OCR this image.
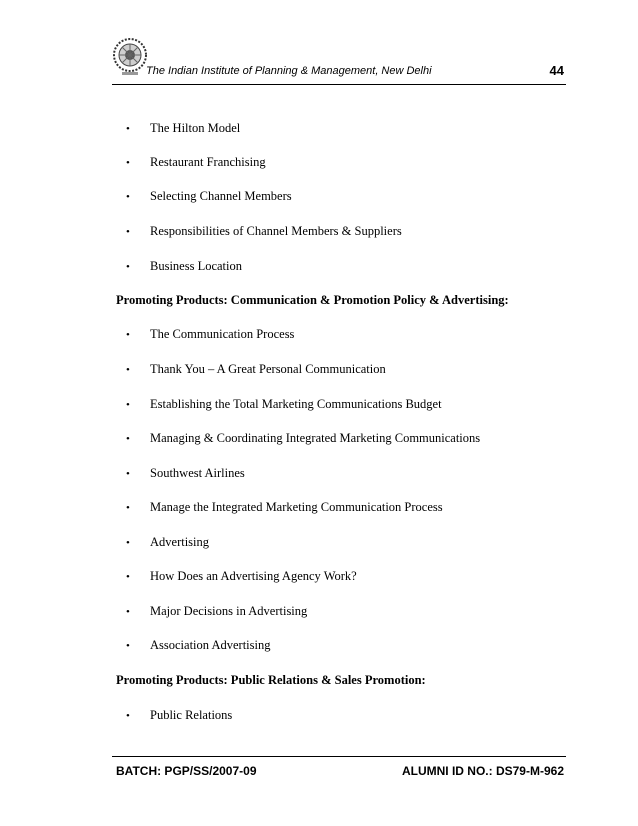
The Indian Institute of Planning & Management, New Delhi	44
• The Hilton Model
• Restaurant Franchising
• Selecting Channel Members
• Responsibilities of Channel Members & Suppliers
• Business Location
Promoting Products: Communication & Promotion Policy & Advertising:
• The Communication Process
• Thank You – A Great Personal Communication
• Establishing the Total Marketing Communications Budget
• Managing & Coordinating Integrated Marketing Communications
• Southwest Airlines
• Manage the Integrated Marketing Communication Process
• Advertising
• How Does an Advertising Agency Work?
• Major Decisions in Advertising
• Association Advertising
Promoting Products: Public Relations & Sales Promotion:
• Public Relations
BATCH: PGP/SS/2007-09	ALUMNI ID NO.: DS79-M-962
